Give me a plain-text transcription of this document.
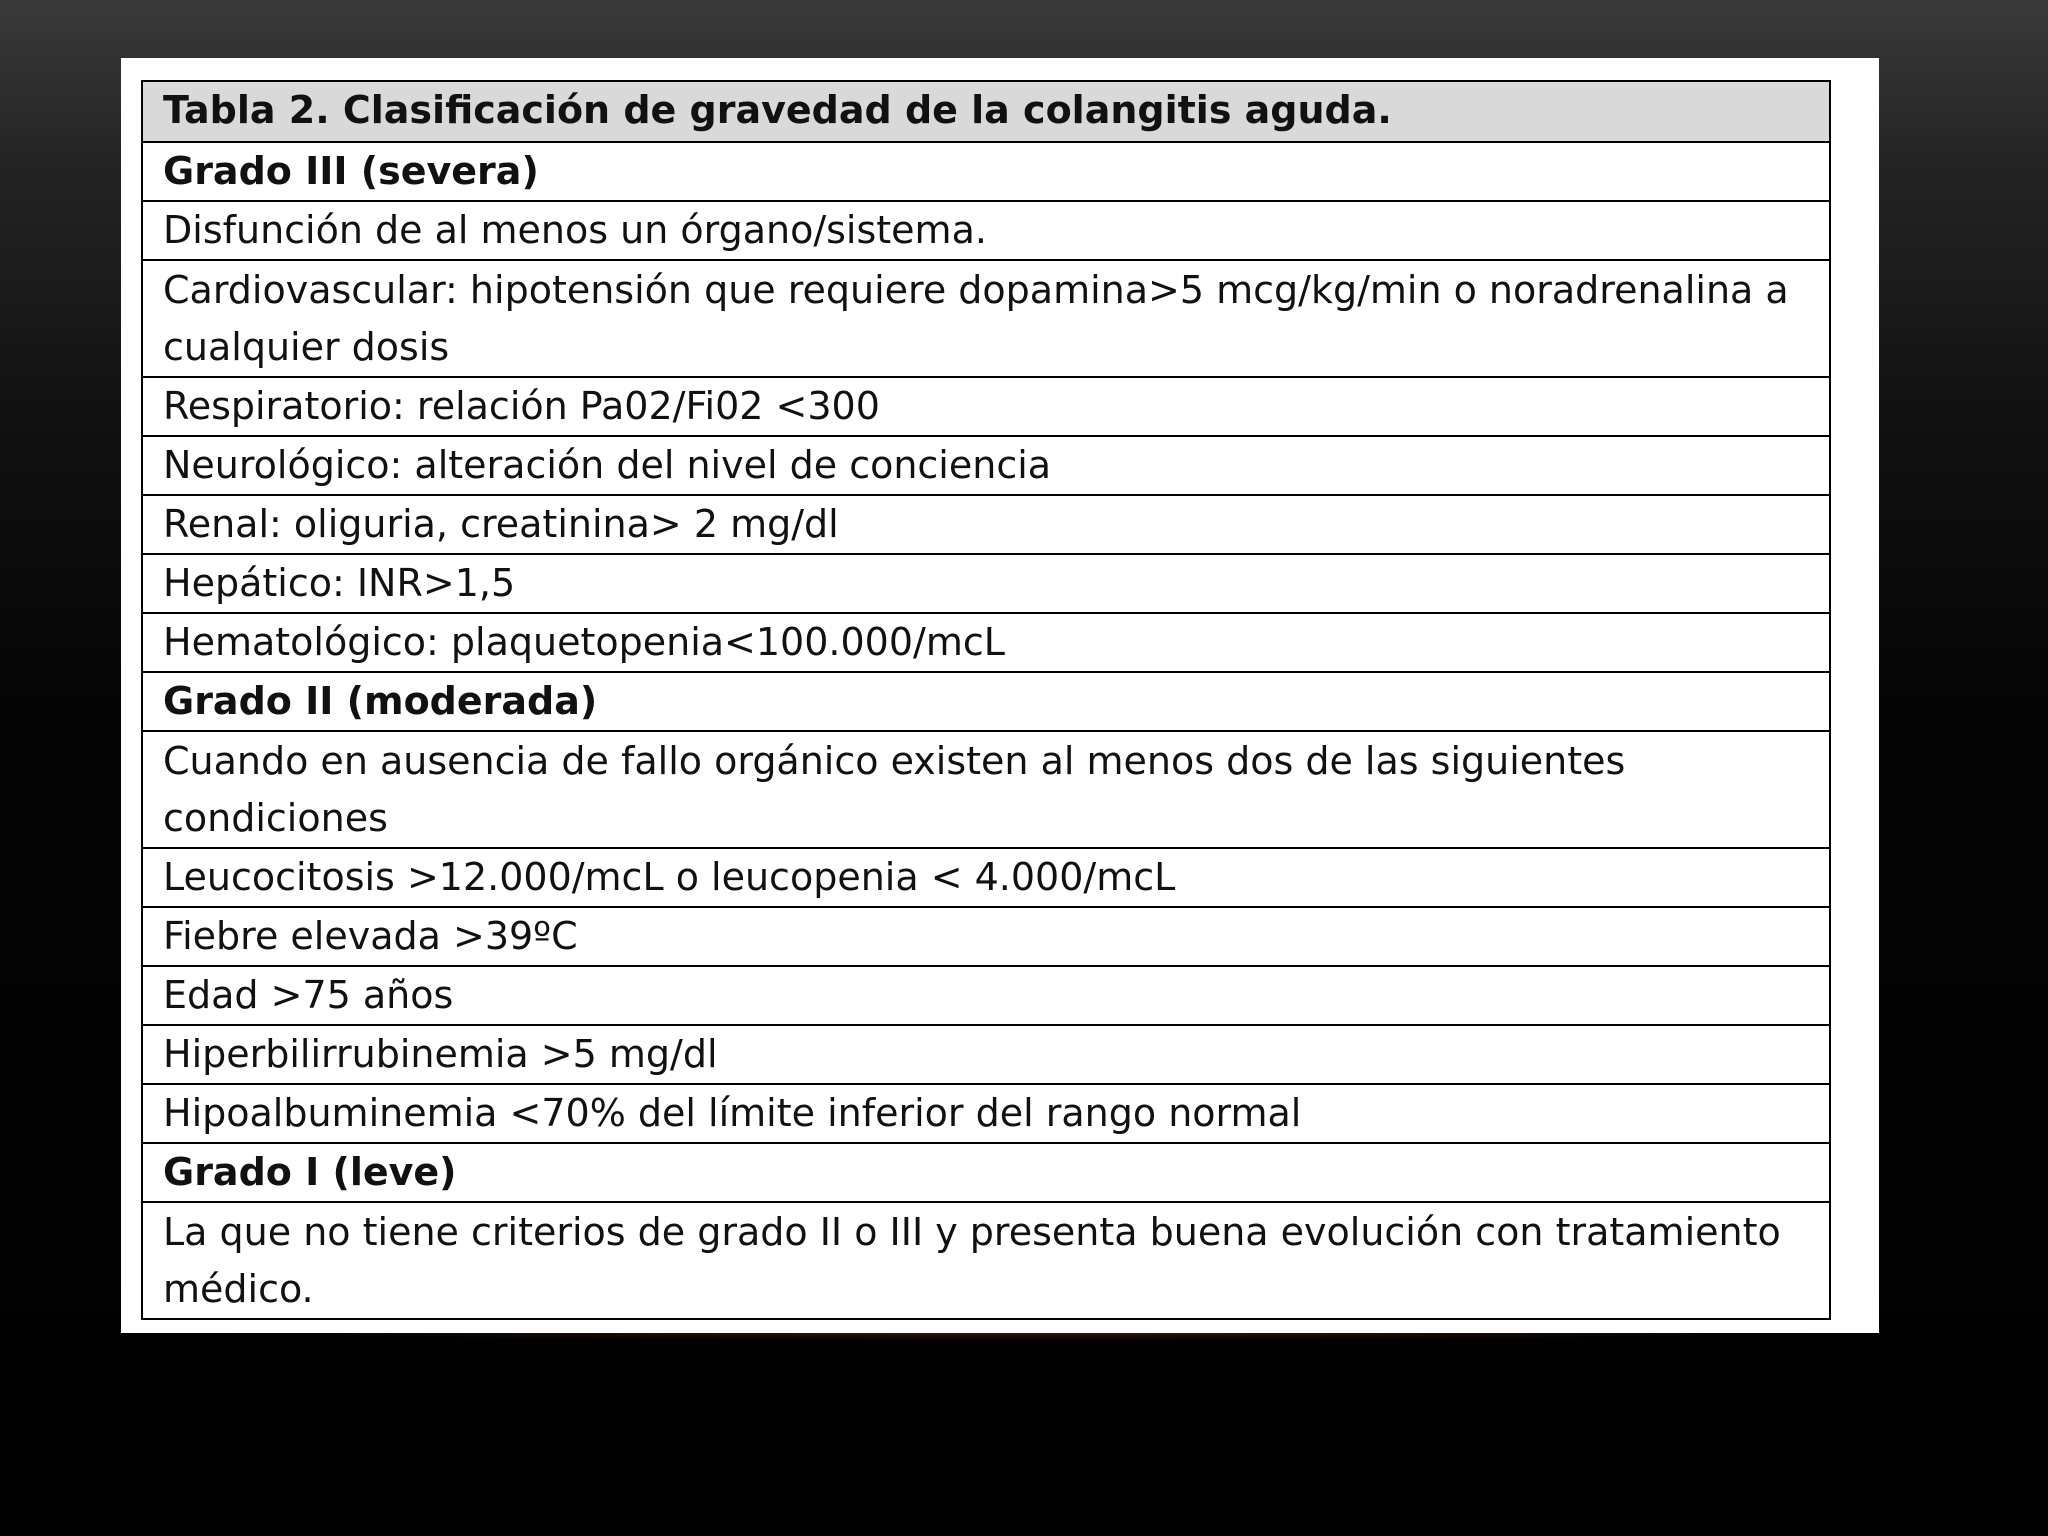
Tabla 2. Clasificación de gravedad de la colangitis aguda.
Grado III (severa)
Disfunción de al menos un órgano/sistema.
Cardiovascular: hipotensión que requiere dopamina>5 mcg/kg/min o noradrenalina a cualquier dosis
Respiratorio: relación Pa02/Fi02 <300
Neurológico: alteración del nivel de conciencia
Renal: oliguria, creatinina> 2 mg/dl
Hepático: INR>1,5
Hematológico: plaquetopenia<100.000/mcL
Grado II (moderada)
Cuando en ausencia de fallo orgánico existen al menos dos de las siguientes condiciones
Leucocitosis >12.000/mcL o leucopenia < 4.000/mcL
Fiebre elevada >39ºC
Edad >75 años
Hiperbilirrubinemia >5 mg/dl
Hipoalbuminemia <70% del límite inferior del rango normal
Grado I (leve)
La que no tiene criterios de grado II o III y presenta buena evolución con tratamiento médico.
